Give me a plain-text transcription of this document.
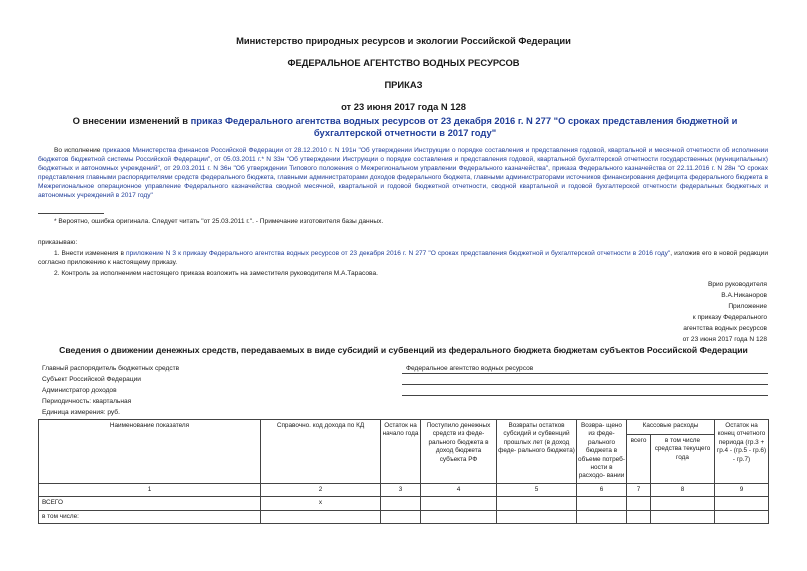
Министерство природных ресурсов и экологии Российской Федерации
ФЕДЕРАЛЬНОЕ АГЕНТСТВО ВОДНЫХ РЕСУРСОВ
ПРИКАЗ
от 23 июня 2017 года N 128
О внесении изменений в приказ Федерального агентства водных ресурсов от 23 декабря 2016 г. N 277 "О сроках представления бюджетной и бухгалтерской отчетности в 2017 году"
Во исполнение приказов Министерства финансов Российской Федерации от 28.12.2010 г. N 191н "Об утверждении Инструкции о порядке составления и представления годовой, квартальной и месячной отчетности об исполнении бюджетов бюджетной системы Российской Федерации", от 05.03.2011 г.* N 33н "Об утверждении Инструкции о порядке составления и представления годовой, квартальной бухгалтерской отчетности государственных (муниципальных) бюджетных и автономных учреждений", от 29.03.2011 г. N 36н "Об утверждении Типового положения о Межрегиональном управлении Федерального казначейства", приказа Федерального казначейства от 22.11.2016 г. N 28н "О сроках представления главными распорядителями средств федерального бюджета, главными администраторами доходов федерального бюджета, главными администраторами источников финансирования дефицита федерального бюджета в Межрегиональное операционное управление Федерального казначейства сводной месячной, квартальной и годовой бюджетной отчетности, сводной квартальной и годовой бухгалтерской отчетности федеральных бюджетных и автономных учреждений в 2017 году"
* Вероятно, ошибка оригинала. Следует читать "от 25.03.2011 г.". - Примечание изготовителя базы данных.
приказываю:
1. Внести изменения в приложение N 3 к приказу Федерального агентства водных ресурсов от 23 декабря 2016 г. N 277 "О сроках представления бюджетной и бухгалтерской отчетности в 2016 году", изложив его в новой редакции согласно приложению к настоящему приказу.
2. Контроль за исполнением настоящего приказа возложить на заместителя руководителя М.А.Тарасова.
Врио руководителя
В.А.Никаноров
Приложение
к приказу Федерального
агентства водных ресурсов
от 23 июня 2017 года N 128
Сведения о движении денежных средств, передаваемых в виде субсидий и субвенций из федерального бюджета бюджетам субъектов Российской Федерации
Главный распорядитель бюджетных средств	Федеральное агентство водных ресурсов
Субъект Российской Федерации
Администратор доходов
Периодичность: квартальная
Единица измерения: руб.
Наименование показателя	Справочно. код дохода по КД	Остаток на начало года	Поступило денежных средств из феде- рального бюджета в доход бюджета субъекта РФ	Возвраты остатков субсидий и субвенций прошлых лет (в доход феде- рального бюджета)	Возвра- щено из феде- рального бюджета в объеме потреб- ности в расходо- вании	Кассовые расходы		Остаток на конец отчетного периода (гр.3 + гр.4 - (гр.5 - гр.6) - гр.7)
						всего	в том числе средства текущего года	
1	2	3	4	5	6	7	8	9
ВСЕГО	x							
в том числе:								
